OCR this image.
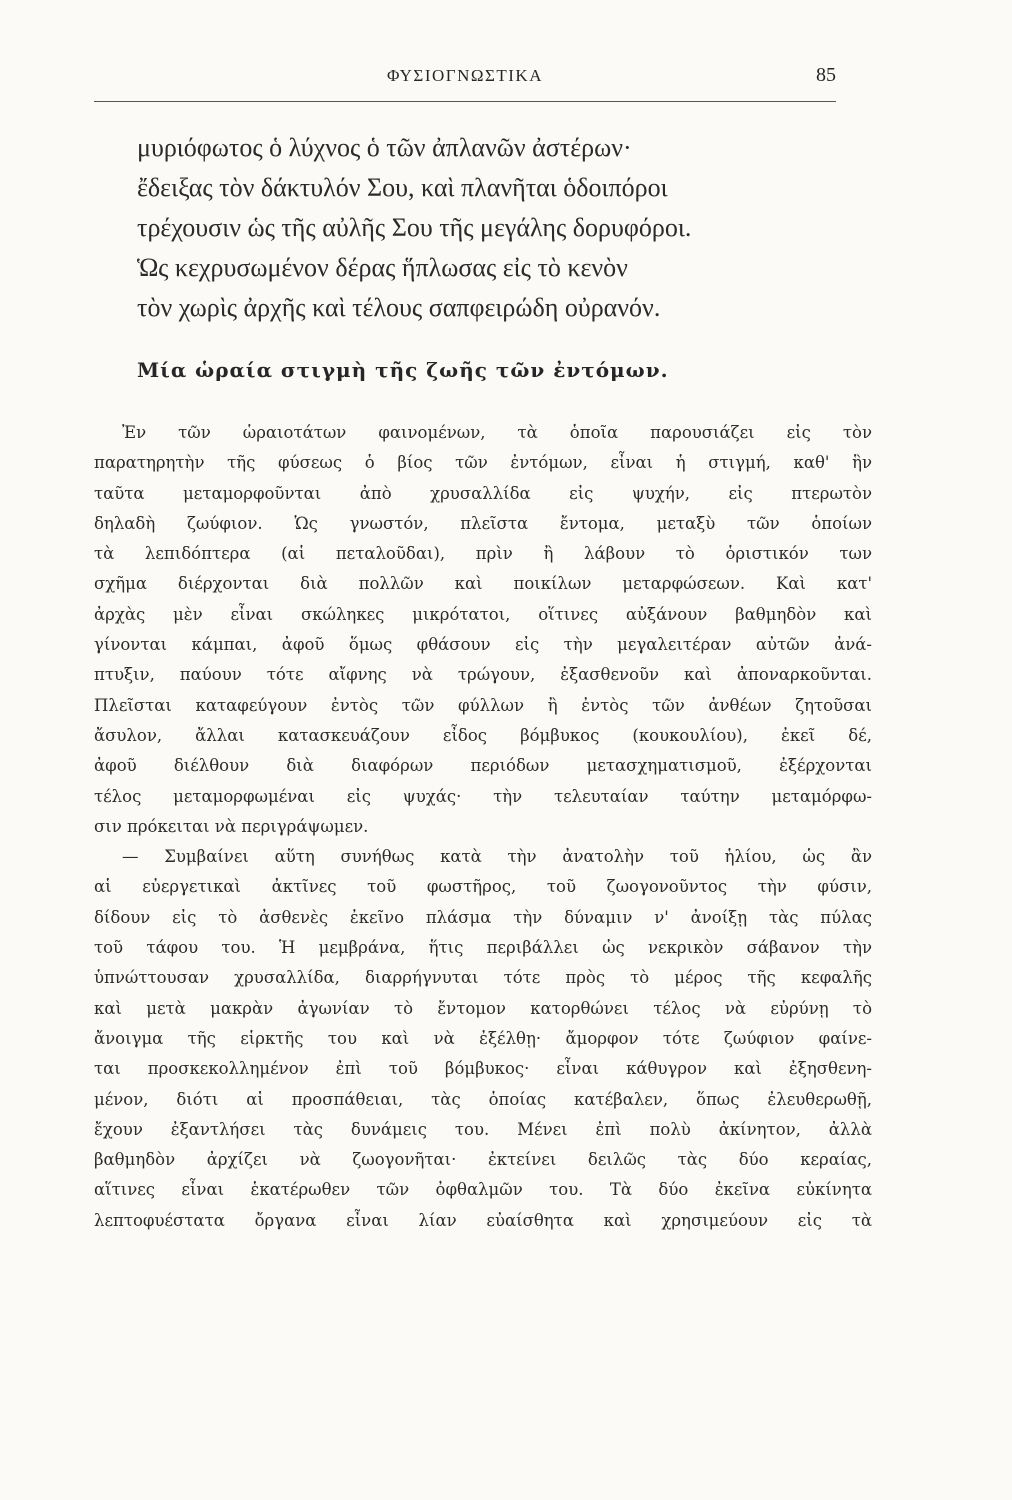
ΦΥΣΙΟΓΝΩΣΤΙΚΑ	85
μυριόφωτος ὁ λύχνος ὁ τῶν ἀπλανῶν ἀστέρων·
ἔδειξας τὸν δάκτυλόν Σου, καὶ πλανῆται ὁδοιπόροι
τρέχουσιν ὡς τῆς αὐλῆς Σου τῆς μεγάλης δορυφόροι.
Ὡς κεχρυσωμένον δέρας ἥπλωσας εἰς τὸ κενὸν
τὸν χωρὶς ἀρχῆς καὶ τέλους σαπφειρώδη οὐρανόν.
Μία ὡραία στιγμὴ τῆς ζωῆς τῶν ἐντόμων.
Ἐν τῶν ὡραιοτάτων φαινομένων, τὰ ὁποῖα παρουσιάζει εἰς τὸν
παρατηρητὴν τῆς φύσεως ὁ βίος τῶν ἐντόμων, εἶναι ἡ στιγμή, καθ' ἣν
ταῦτα μεταμορφοῦνται ἀπὸ χρυσαλλίδα εἰς ψυχήν, εἰς πτερωτὸν
δηλαδὴ ζωύφιον. Ὡς γνωστόν, πλεῖστα ἔντομα, μεταξὺ τῶν ὁποίων
τὰ λεπιδόπτερα (αἱ πεταλοῦδαι), πρὶν ἢ λάβουν τὸ ὁριστικόν των
σχῆμα διέρχονται διὰ πολλῶν καὶ ποικίλων μεταρφώσεων. Καὶ κατ'
ἀρχὰς μὲν εἶναι σκώληκες μικρότατοι, οἵτινες αὐξάνουν βαθμηδὸν καὶ
γίνονται κάμπαι, ἀφοῦ ὅμως φθάσουν εἰς τὴν μεγαλειτέραν αὐτῶν ἀνά-
πτυξιν, παύουν τότε αἴφνης νὰ τρώγουν, ἐξασθενοῦν καὶ ἀποναρκοῦνται.
Πλεῖσται καταφεύγουν ἐντὸς τῶν φύλλων ἢ ἐντὸς τῶν ἀνθέων ζητοῦσαι
ἄσυλον, ἄλλαι κατασκευάζουν εἶδος βόμβυκος (κουκουλίου), ἐκεῖ δέ,
ἀφοῦ διέλθουν διὰ διαφόρων περιόδων μετασχηματισμοῦ, ἐξέρχονται
τέλος μεταμορφωμέναι εἰς ψυχάς· τὴν τελευταίαν ταύτην μεταμόρφω-
σιν πρόκειται νὰ περιγράψωμεν.
— Συμβαίνει αὕτη συνήθως κατὰ τὴν ἀνατολὴν τοῦ ἡλίου, ὡς ἂν
αἱ εὐεργετικαὶ ἀκτῖνες τοῦ φωστῆρος, τοῦ ζωογονοῦντος τὴν φύσιν,
δίδουν εἰς τὸ ἀσθενὲς ἐκεῖνο πλάσμα τὴν δύναμιν ν' ἀνοίξῃ τὰς πύλας
τοῦ τάφου του. Ἡ μεμβράνα, ἥτις περιβάλλει ὡς νεκρικὸν σάβανον τὴν
ὑπνώττουσαν χρυσαλλίδα, διαρρήγνυται τότε πρὸς τὸ μέρος τῆς κεφαλῆς
καὶ μετὰ μακρὰν ἀγωνίαν τὸ ἔντομον κατορθώνει τέλος νὰ εὐρύνῃ τὸ
ἄνοιγμα τῆς εἱρκτῆς του καὶ νὰ ἐξέλθῃ· ἄμορφον τότε ζωύφιον φαίνε-
ται προσκεκολλημένον ἐπὶ τοῦ βόμβυκος· εἶναι κάθυγρον καὶ ἐξησθενη-
μένον, διότι αἱ προσπάθειαι, τὰς ὁποίας κατέβαλεν, ὅπως ἐλευθερωθῇ,
ἔχουν ἐξαντλήσει τὰς δυνάμεις του. Μένει ἐπὶ πολὺ ἀκίνητον, ἀλλὰ
βαθμηδὸν ἀρχίζει νὰ ζωογονῆται· ἐκτείνει δειλῶς τὰς δύο κεραίας,
αἵτινες εἶναι ἑκατέρωθεν τῶν ὀφθαλμῶν του. Τὰ δύο ἐκεῖνα εὐκίνητα
λεπτοφυέστατα ὄργανα εἶναι λίαν εὐαίσθητα καὶ χρησιμεύουν εἰς τὰ
